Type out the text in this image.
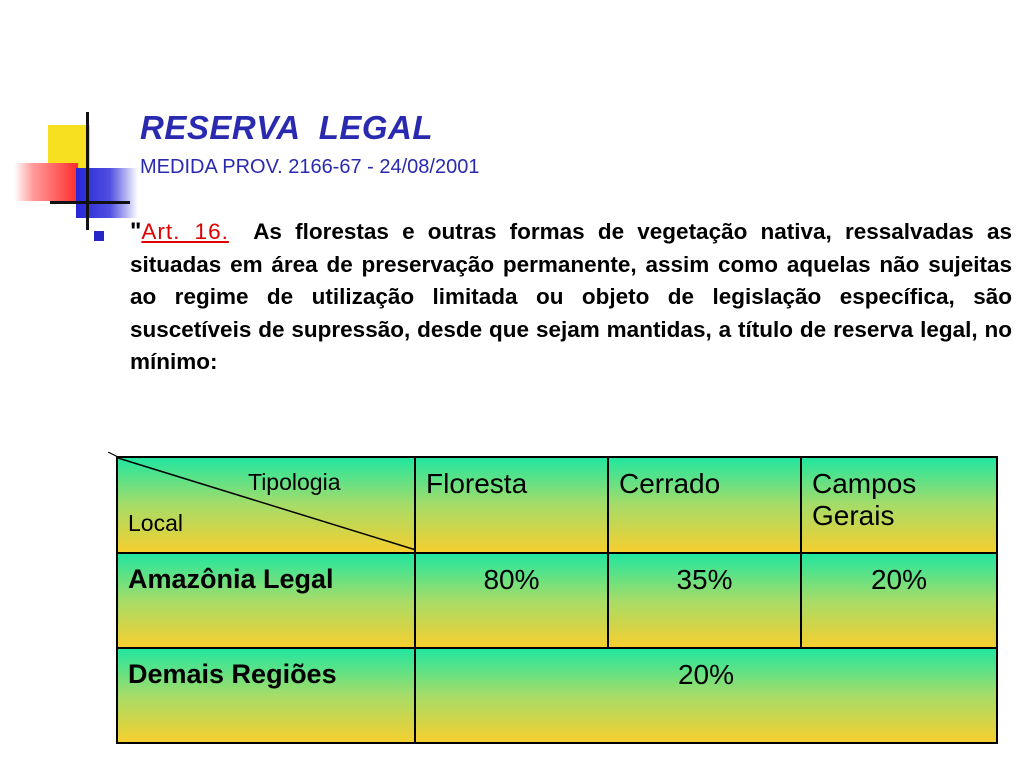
RESERVA  LEGAL
MEDIDA PROV. 2166-67 - 24/08/2001
"Art. 16. As florestas e outras formas de vegetação nativa, ressalvadas as situadas em área de preservação permanente, assim como aquelas não sujeitas ao regime de utilização limitada ou objeto de legislação específica, são suscetíveis de supressão, desde que sejam mantidas, a título de reserva legal, no mínimo:
Tipologia
Local	Floresta	Cerrado	Campos Gerais
Amazônia Legal	80%	35%	20%
Demais Regiões	20%		
